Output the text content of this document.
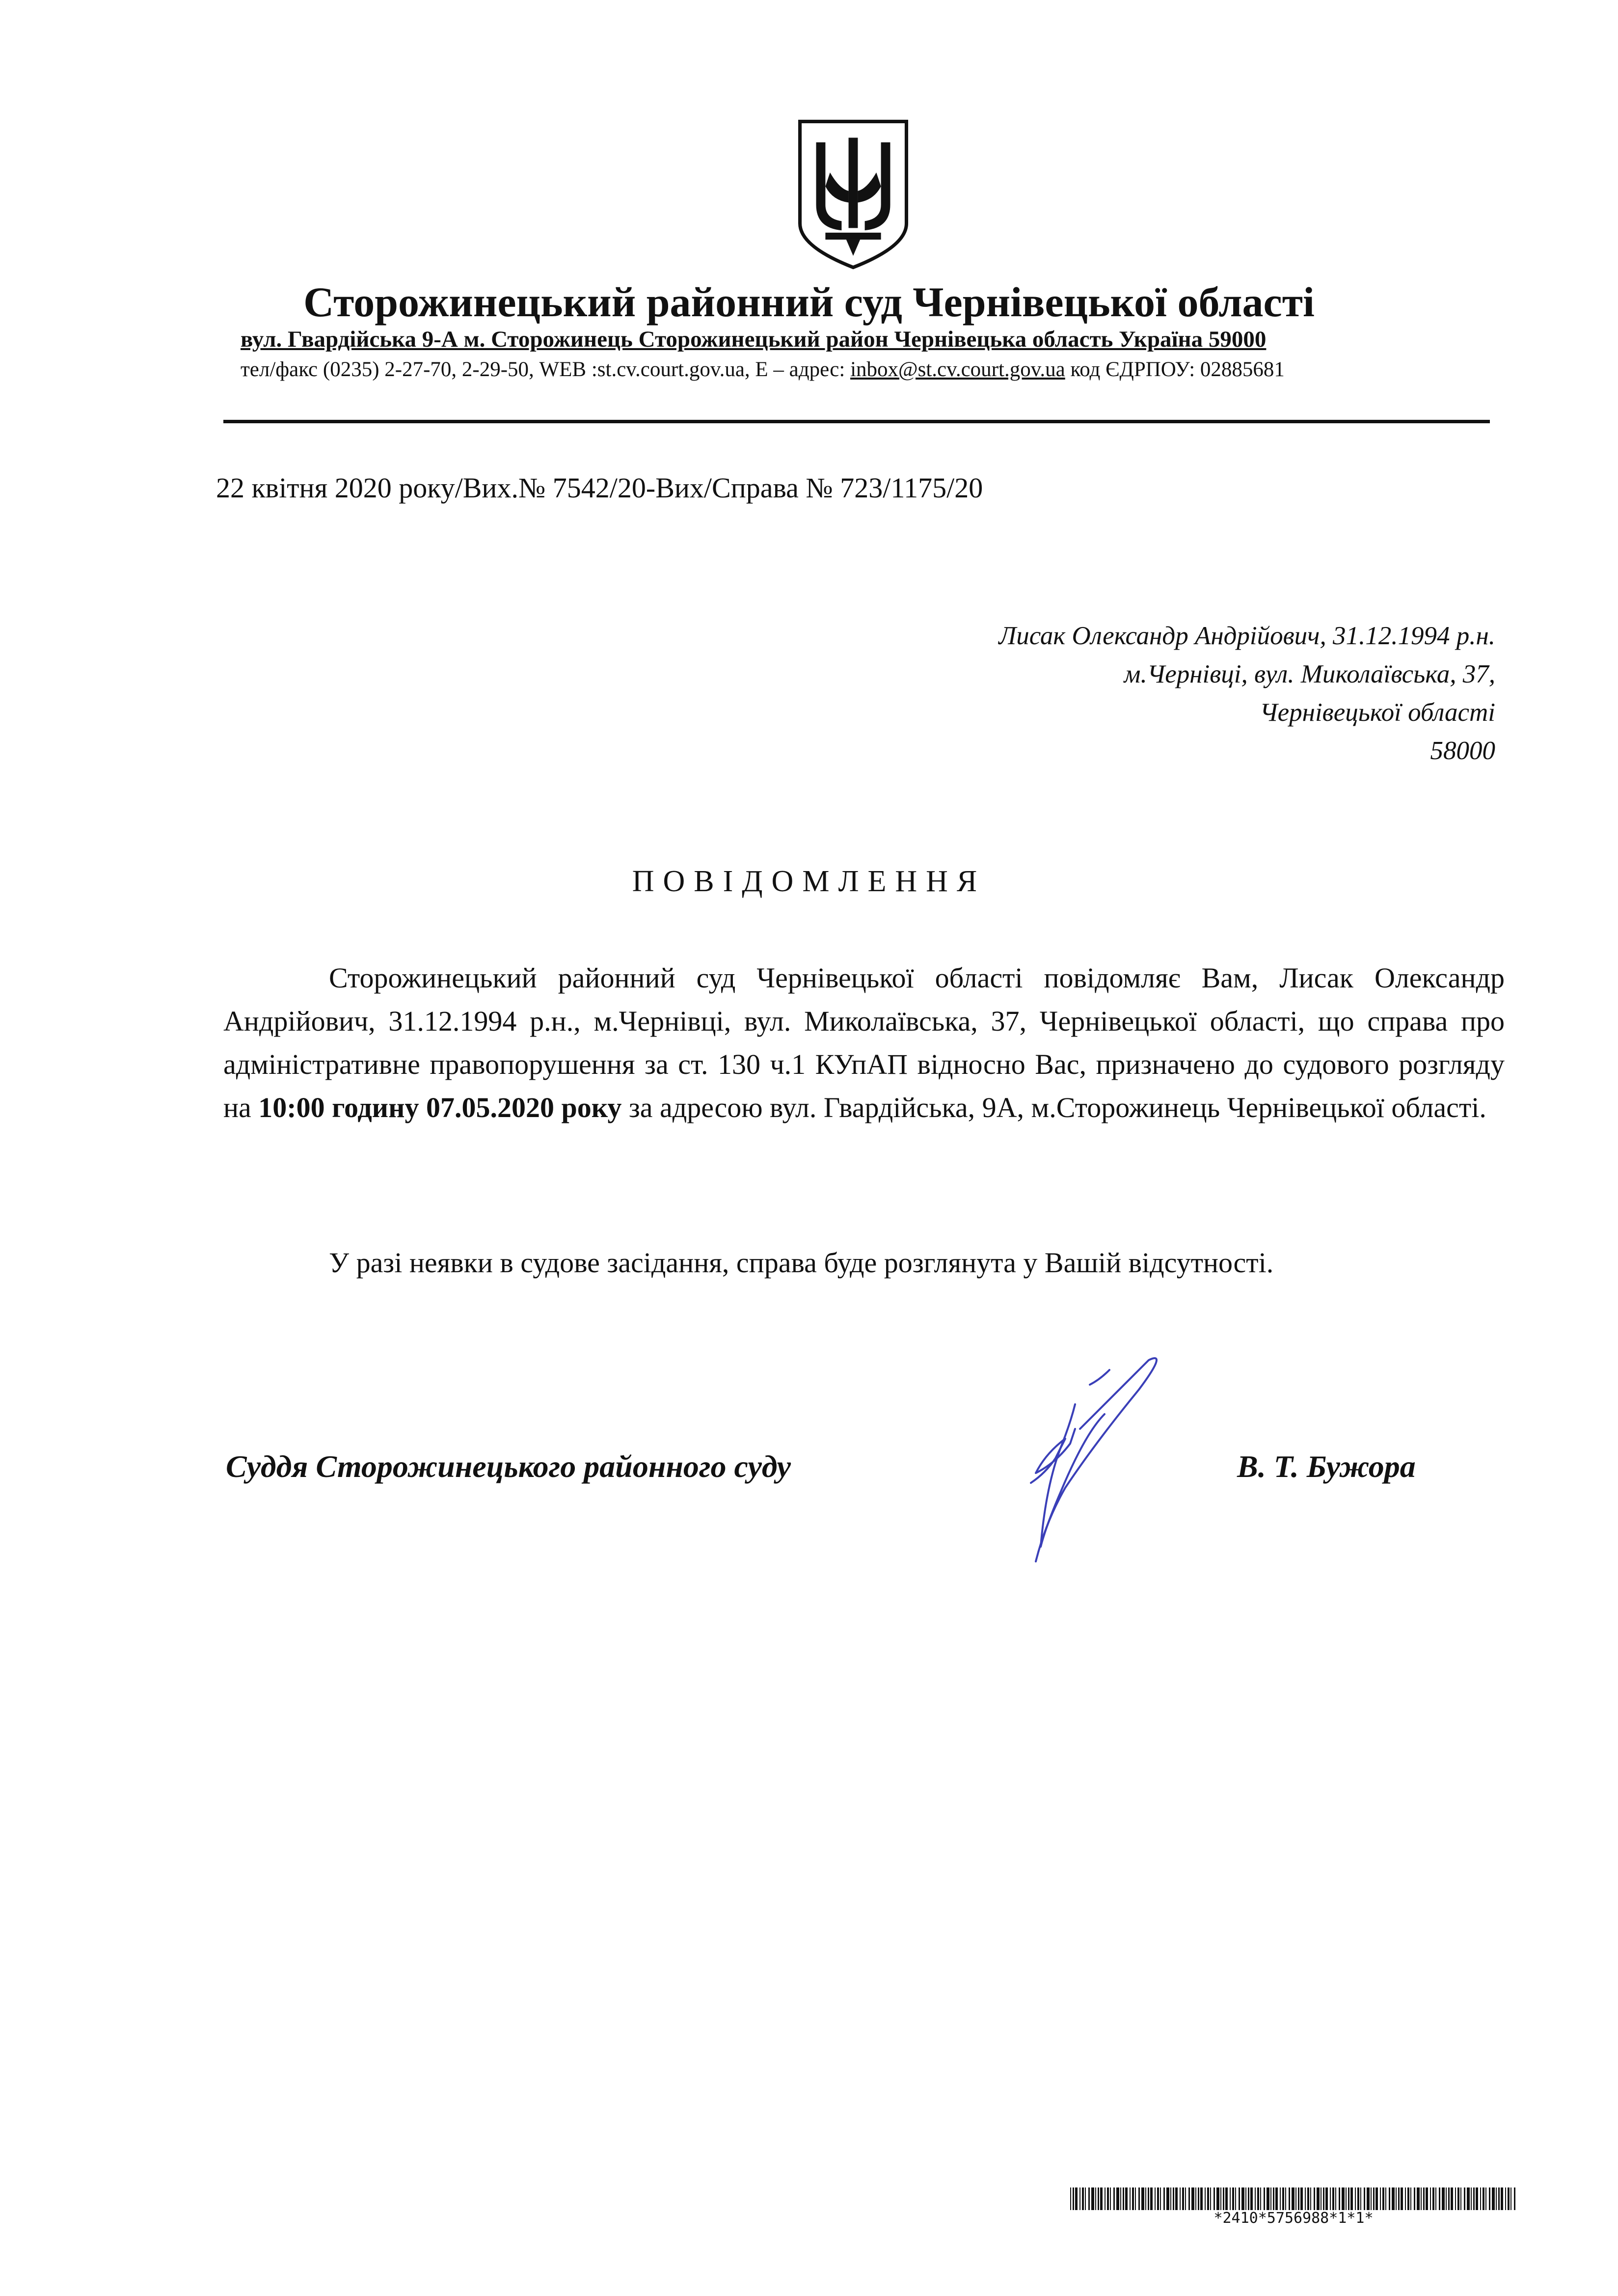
Сторожинецький районний суд Чернівецької області
вул. Гвардійська 9-А м. Сторожинець Сторожинецький район Чернівецька область Україна 59000
тел/факс (0235) 2-27-70, 2-29-50, WEB :st.cv.court.gov.ua, E – адрес: inbox@st.cv.court.gov.ua код ЄДРПОУ: 02885681
22 квітня 2020 року/Вих.№ 7542/20-Вих/Справа № 723/1175/20
Лисак Олександр Андрійович, 31.12.1994 р.н.
м.Чернівці, вул. Миколаївська, 37,
Чернівецької області
58000
ПОВІДОМЛЕННЯ

Сторожинецький районний суд Чернівецької області повідомляє Вам, Лисак Олександр Андрійович, 31.12.1994 р.н., м.Чернівці, вул. Миколаївська, 37, Чернівецької області, що справа про адміністративне правопорушення за ст. 130 ч.1 КУпАП відносно Вас, призначено до судового розгляду на 10:00 годину 07.05.2020 року за адресою вул. Гвардійська, 9А, м.Сторожинець Чернівецької області.

У разі неявки в судове засідання, справа буде розглянута у Вашій відсутності.

Суддя Сторожинецького районного суду	В. Т. Бужора
*2410*5756988*1*1*
